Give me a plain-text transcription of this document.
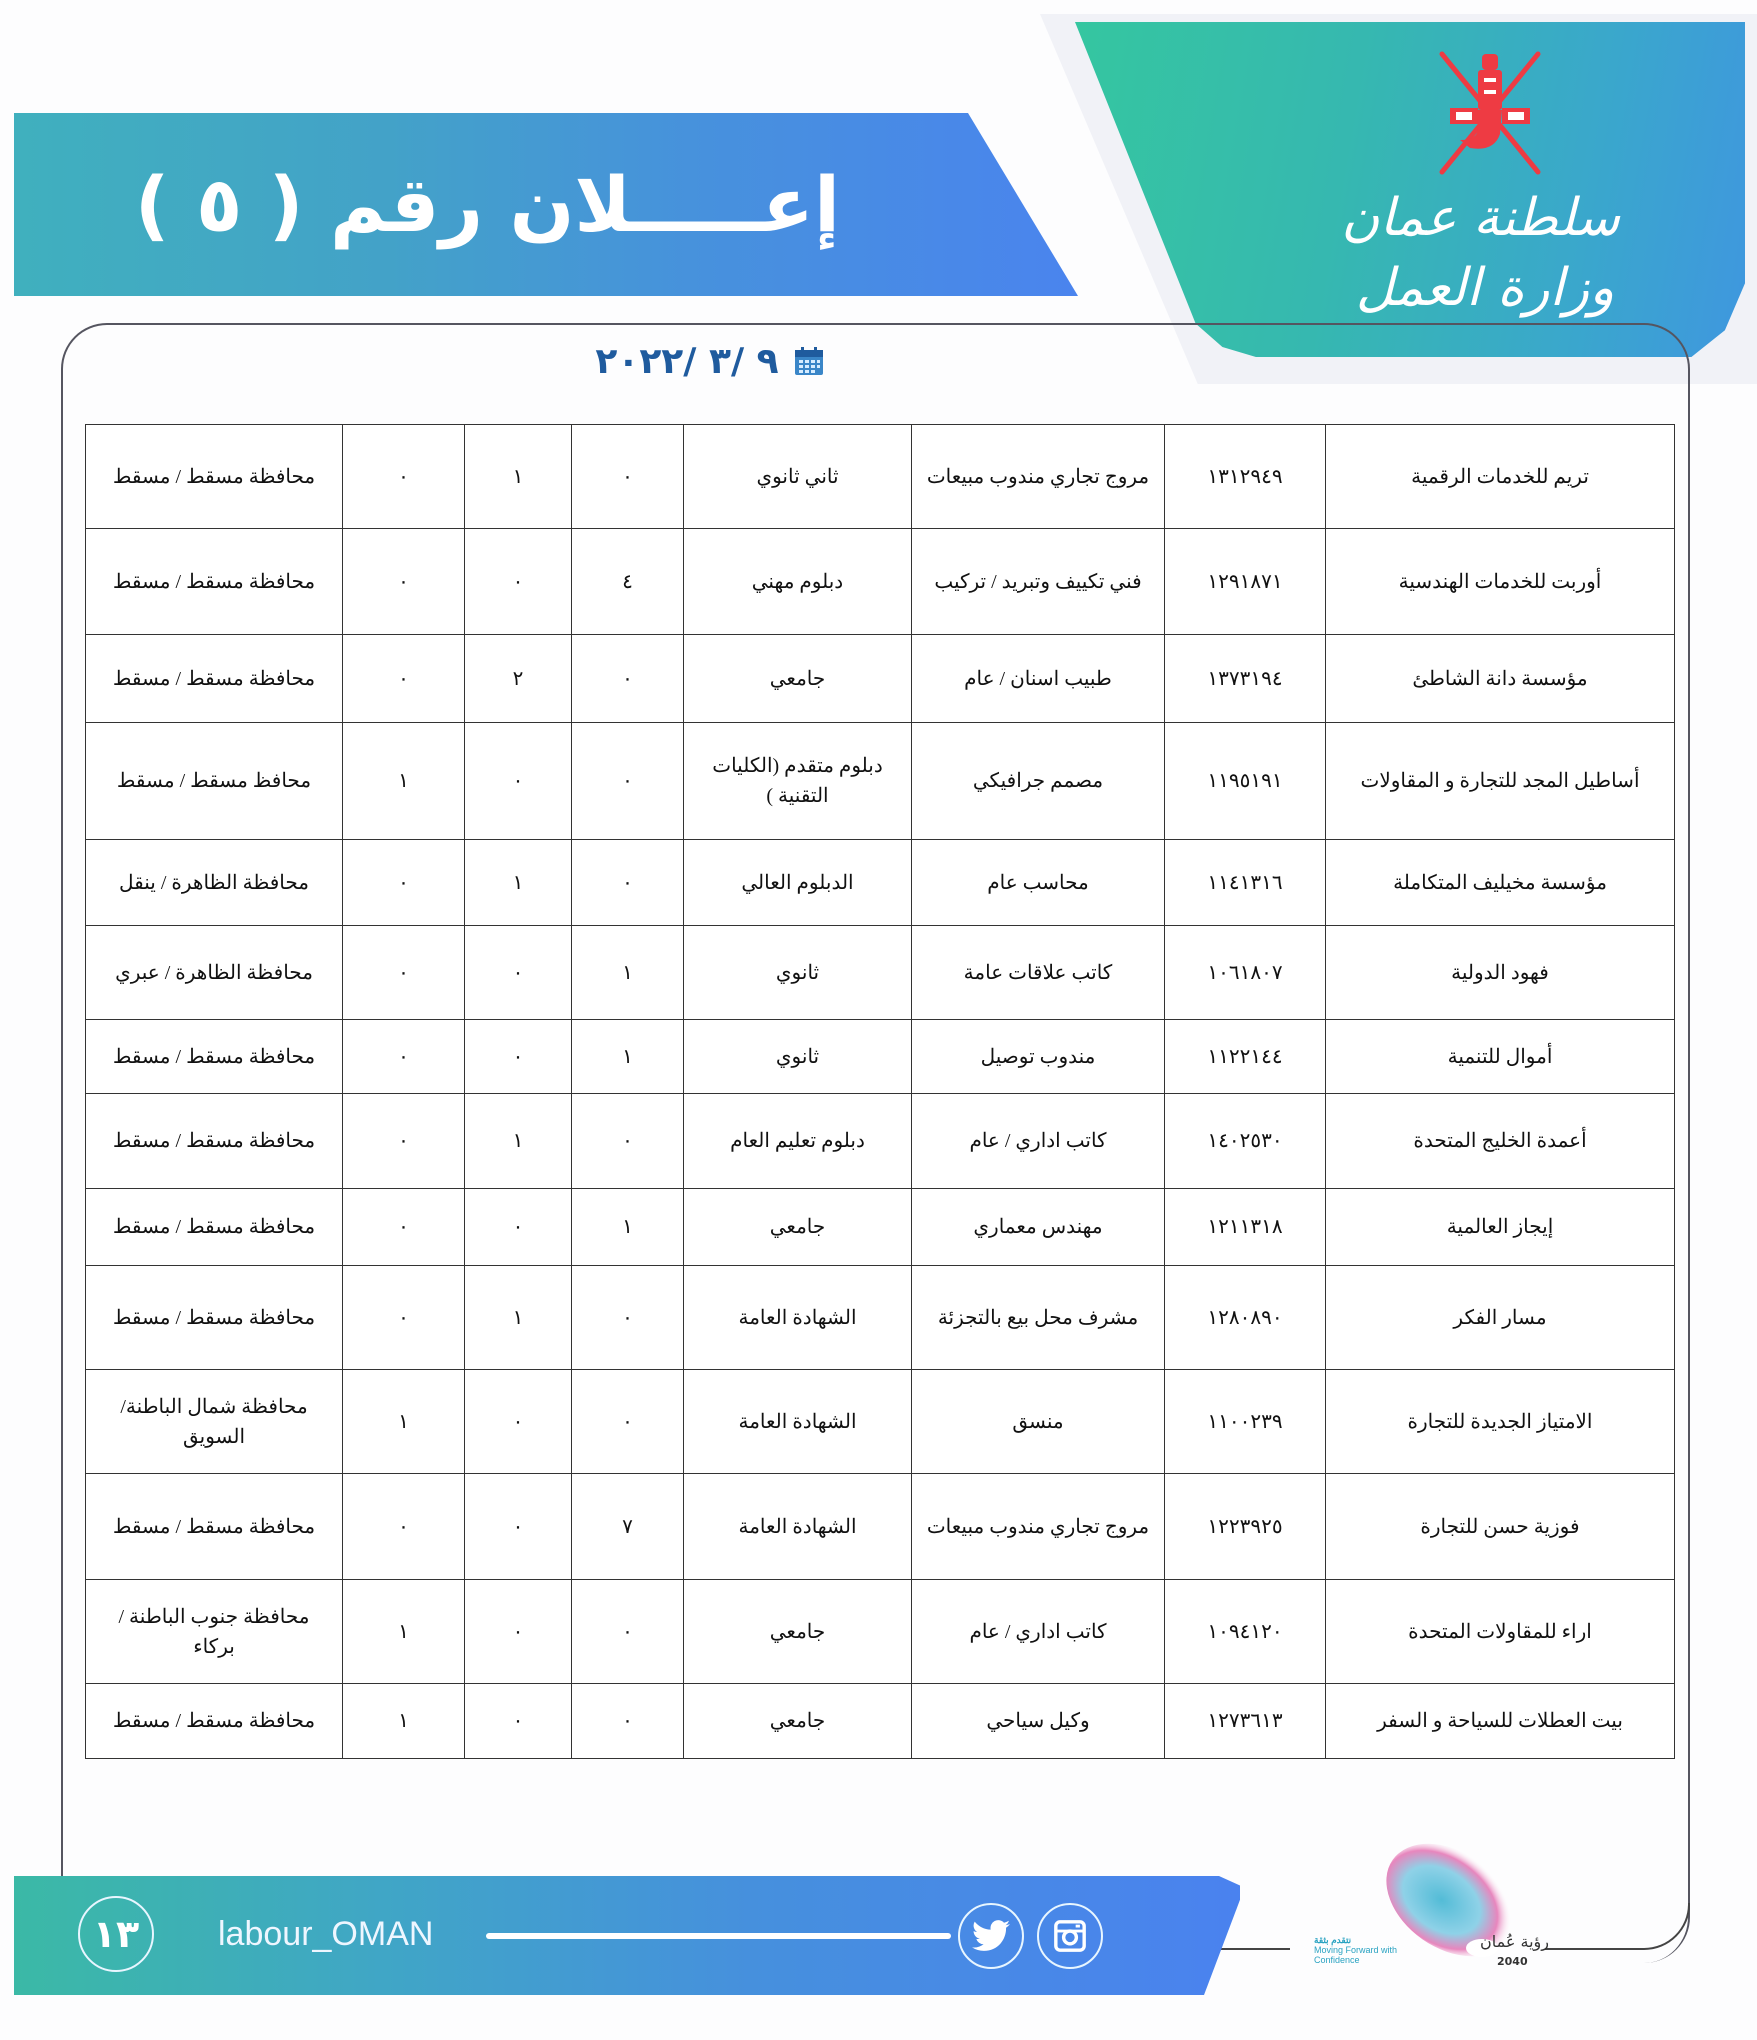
سلطنة عمان
وزارة العمل
إعـــــلان رقم ( ٥ )
٩ /٣ /٢٠٢٢
تريم للخدمات الرقمية	١٣١٢٩٤٩	مروج تجاري مندوب مبيعات	ثاني ثانوي	٠	١	٠	محافظة مسقط / مسقط
أوربت للخدمات الهندسية	١٢٩١٨٧١	فني تكييف وتبريد / تركيب	دبلوم مهني	٤	٠	٠	محافظة مسقط / مسقط
مؤسسة دانة الشاطئ	١٣٧٣١٩٤	طبيب اسنان / عام	جامعي	٠	٢	٠	محافظة مسقط / مسقط
أساطيل المجد للتجارة و المقاولات	١١٩٥١٩١	مصمم جرافيكي	دبلوم متقدم (الكليات التقنية )	٠	٠	١	محافظ مسقط / مسقط
مؤسسة مخيليف المتكاملة	١١٤١٣١٦	محاسب عام	الدبلوم العالي	٠	١	٠	محافظة الظاهرة / ينقل
فهود الدولية	١٠٦١٨٠٧	كاتب علاقات عامة	ثانوي	١	٠	٠	محافظة الظاهرة / عبري
أموال للتنمية	١١٢٢١٤٤	مندوب توصيل	ثانوي	١	٠	٠	محافظة مسقط / مسقط
أعمدة الخليج المتحدة	١٤٠٢٥٣٠	كاتب اداري / عام	دبلوم تعليم العام	٠	١	٠	محافظة مسقط / مسقط
إيجاز العالمية	١٢١١٣١٨	مهندس معماري	جامعي	١	٠	٠	محافظة مسقط / مسقط
مسار الفكر	١٢٨٠٨٩٠	مشرف محل بيع بالتجزئة	الشهادة العامة	٠	١	٠	محافظة مسقط / مسقط
الامتياز الجديدة للتجارة	١١٠٠٢٣٩	منسق	الشهادة العامة	٠	٠	١	محافظة شمال الباطنة/ السويق
فوزية حسن للتجارة	١٢٢٣٩٢٥	مروج تجاري مندوب مبيعات	الشهادة العامة	٧	٠	٠	محافظة مسقط / مسقط
اراء للمقاولات المتحدة	١٠٩٤١٢٠	كاتب اداري / عام	جامعي	٠	٠	١	محافظة جنوب الباطنة / بركاء
بيت العطلات للسياحة و السفر	١٢٧٣٦١٣	وكيل سياحي	جامعي	٠	٠	١	محافظة مسقط / مسقط
١٣	labour_OMAN	نتقدم بثقة
Moving Forward with Confidence
رؤية عُمان
2040
